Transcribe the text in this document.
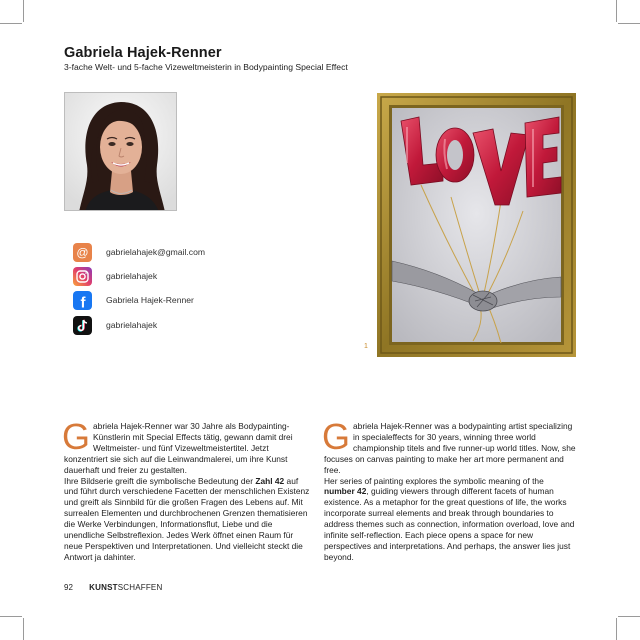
Gabriela Hajek-Renner
3-fache Welt- und 5-fache Vizeweltmeisterin in Bodypainting Special Effect
@ gabrielahajek@gmail.com
gabrielahajek
f Gabriela Hajek-Renner
gabrielahajek
1
G abriela Hajek-Renner war 30 Jahre als Bodypainting-Künstlerin mit Special Effects tätig, gewann damit drei Weltmeister- und fünf Vizeweltmeistertitel. Jetzt konzentriert sie sich auf die Leinwandmalerei, um ihre Kunst dauerhaft und freier zu gestalten.

Ihre Bildserie greift die symbolische Bedeutung der Zahl 42 auf und führt durch verschiedene Facetten der menschlichen Existenz und greift als Sinnbild für die großen Fragen des Lebens auf. Mit surrealen Elementen und durchbrochenen Grenzen thematisieren die Werke Verbindungen, Informationsflut, Liebe und die unendliche Selbstreflexion. Jedes Werk öffnet einen Raum für neue Perspektiven und Interpretationen. Und vielleicht steckt die Antwort ja dahinter.

G abriela Hajek-Renner was a bodypainting artist specializing in specialeffects for 30 years, winning three world championship titels and five runner-up world titles. Now, she focuses on canvas painting to make her art more permanent and free.

Her series of painting explores the symbolic meaning of the number 42, guiding viewers through different facets of human existence. As a metaphor for the great questions of life, the works incorporate surreal elements and break through boundaries to address themes such as connection, information overload, love and infinite self-reflection. Each piece opens a space for new perspectives and interpretations. And perhaps, the answer lies just beyond.

92 KUNSTSCHAFFEN
